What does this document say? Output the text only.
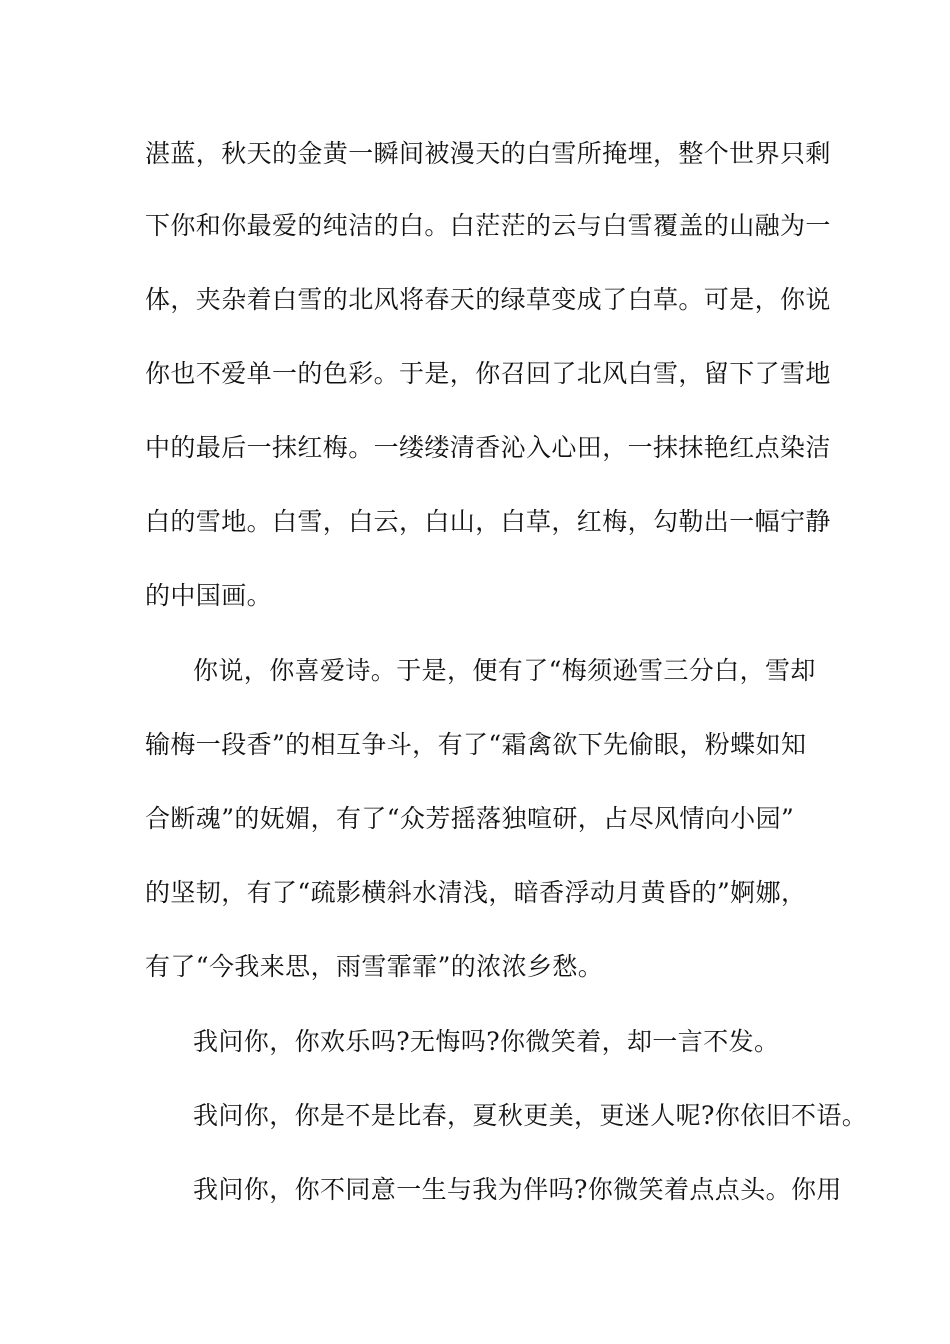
湛蓝，秋天的金黄一瞬间被漫天的白雪所掩埋，整个世界只剩
下你和你最爱的纯洁的白。白茫茫的云与白雪覆盖的山融为一
体，夹杂着白雪的北风将春天的绿草变成了白草。可是，你说
你也不爱单一的色彩。于是，你召回了北风白雪，留下了雪地
中的最后一抹红梅。一缕缕清香沁入心田，一抹抹艳红点染洁
白的雪地。白雪，白云，白山，白草，红梅，勾勒出一幅宁静
的中国画。
你说，你喜爱诗。于是，便有了“梅须逊雪三分白，雪却
输梅一段香”的相互争斗，有了“霜禽欲下先偷眼，粉蝶如知
合断魂”的妩媚，有了“众芳摇落独喧研，占尽风情向小园”
的坚韧，有了“疏影横斜水清浅，暗香浮动月黄昏的”婀娜，
有了“今我来思，雨雪霏霏”的浓浓乡愁。
我问你，你欢乐吗?无悔吗?你微笑着，却一言不发。
我问你，你是不是比春，夏秋更美，更迷人呢?你依旧不语。
我问你，你不同意一生与我为伴吗?你微笑着点点头。你用
